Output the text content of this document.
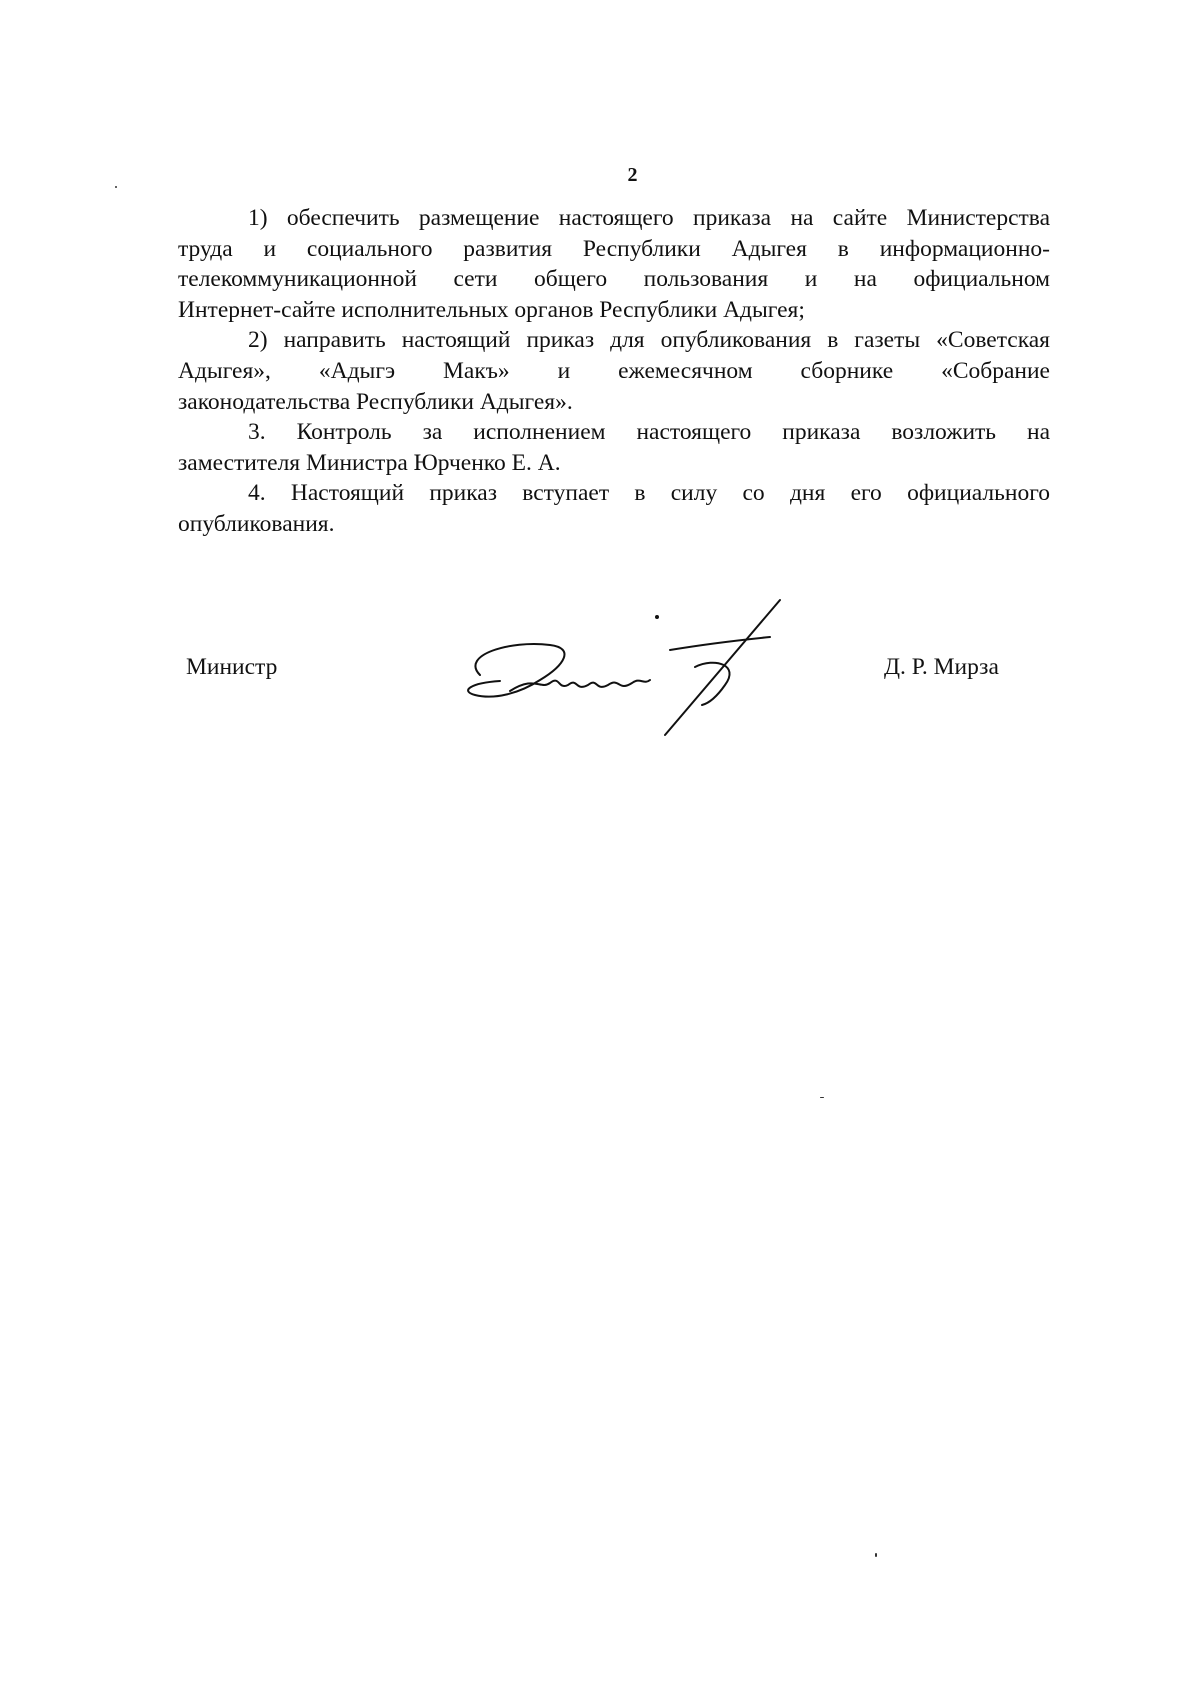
2
1) обеспечить размещение настоящего приказа на сайте Министерства
труда и социального развития Республики Адыгея в информационно-
телекоммуникационной сети общего пользования и на официальном
Интернет-сайте исполнительных органов Республики Адыгея;
2) направить настоящий приказ для опубликования в газеты «Советская
Адыгея», «Адыгэ Макъ» и ежемесячном сборнике «Собрание
законодательства Республики Адыгея».
3. Контроль за исполнением настоящего приказа возложить на
заместителя Министра Юрченко Е. А.
4. Настоящий приказ вступает в силу со дня его официального
опубликования.
Министр	Д. Р. Мирза
